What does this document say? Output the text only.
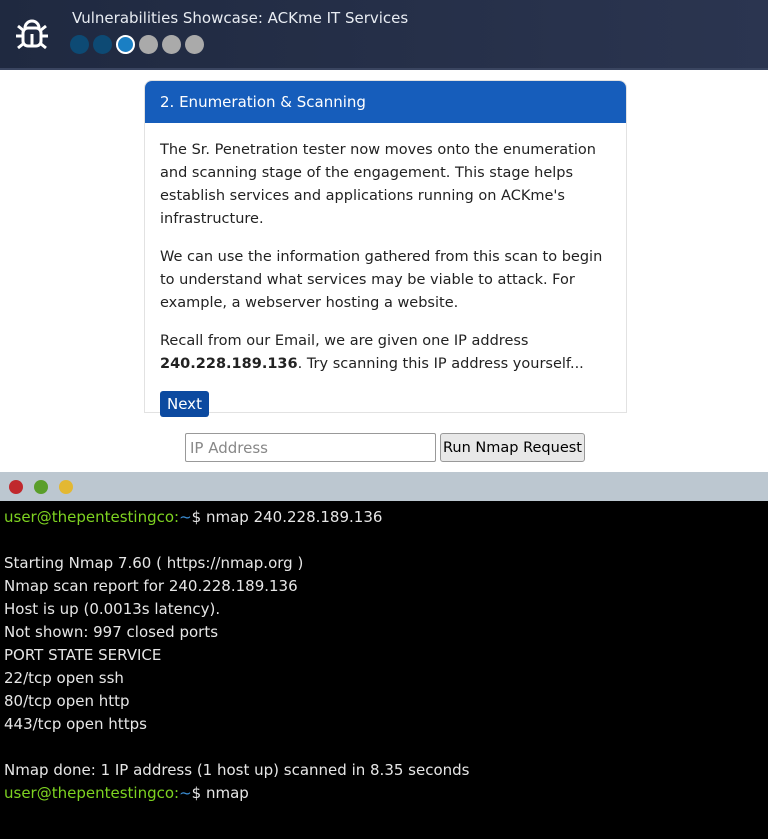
Vulnerabilities Showcase: ACKme IT Services
2. Enumeration & Scanning

The Sr. Penetration tester now moves onto the enumeration and scanning stage of the engagement. This stage helps establish services and applications running on ACKme's infrastructure.

We can use the information gathered from this scan to begin to understand what services may be viable to attack. For example, a webserver hosting a website.

Recall from our Email, we are given one IP address 240.228.189.136. Try scanning this IP address yourself...

Next
IP Address
Run Nmap Request
user@thepentestingco:~$ nmap 240.228.189.136
Starting Nmap 7.60 ( https://nmap.org )
Nmap scan report for 240.228.189.136
Host is up (0.0013s latency).
Not shown: 997 closed ports
PORT STATE SERVICE
22/tcp open ssh
80/tcp open http
443/tcp open https
Nmap done: 1 IP address (1 host up) scanned in 8.35 seconds
user@thepentestingco:~$ nmap
